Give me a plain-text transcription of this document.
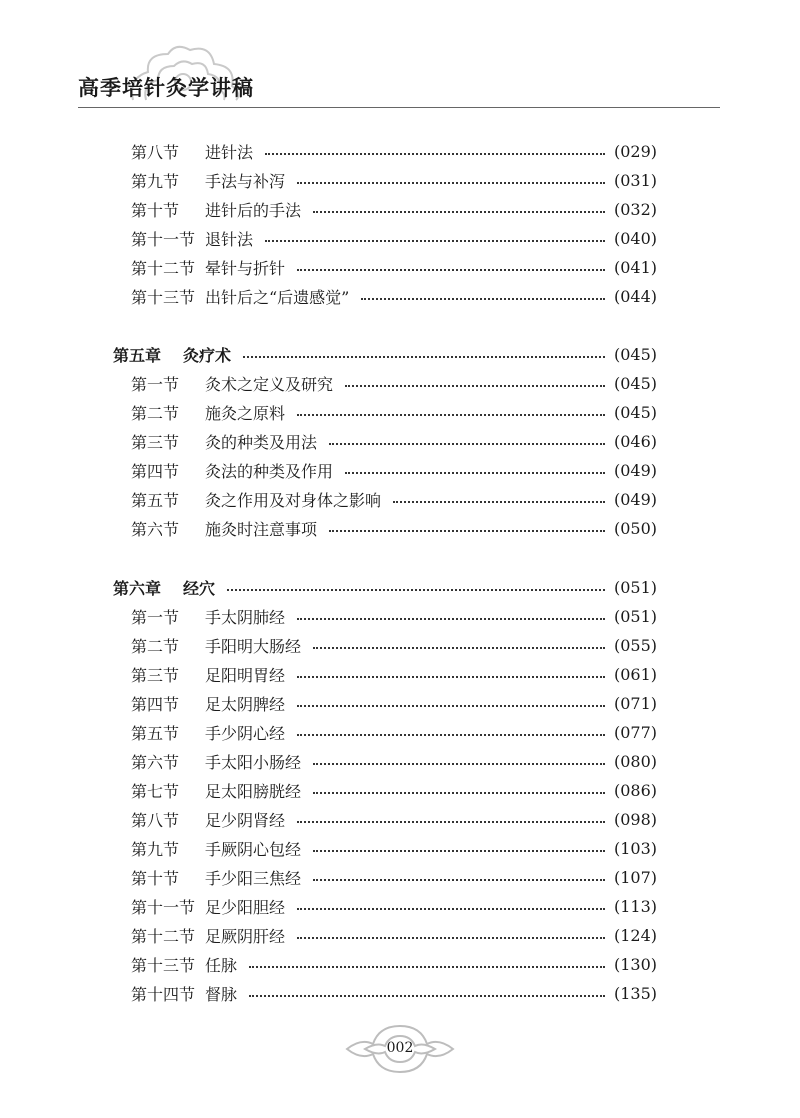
高季培针灸学讲稿
第八节	进针法	(029)
第九节	手法与补泻	(031)
第十节	进针后的手法	(032)
第十一节 退针法	(040)
第十二节 晕针与折针	(041)
第十三节 出针后之“后遗感觉”	(044)
第五章	灸疗术	(045)
第一节	灸术之定义及研究	(045)
第二节	施灸之原料	(045)
第三节	灸的种类及用法	(046)
第四节	灸法的种类及作用	(049)
第五节	灸之作用及对身体之影响	(049)
第六节	施灸时注意事项	(050)
第六章	经穴	(051)
第一节	手太阴肺经	(051)
第二节	手阳明大肠经	(055)
第三节	足阳明胃经	(061)
第四节	足太阴脾经	(071)
第五节	手少阴心经	(077)
第六节	手太阳小肠经	(080)
第七节	足太阳膀胱经	(086)
第八节	足少阴肾经	(098)
第九节	手厥阴心包经	(103)
第十节	手少阳三焦经	(107)
第十一节 足少阳胆经	(113)
第十二节 足厥阴肝经	(124)
第十三节 任脉	(130)
第十四节 督脉	(135)

002
